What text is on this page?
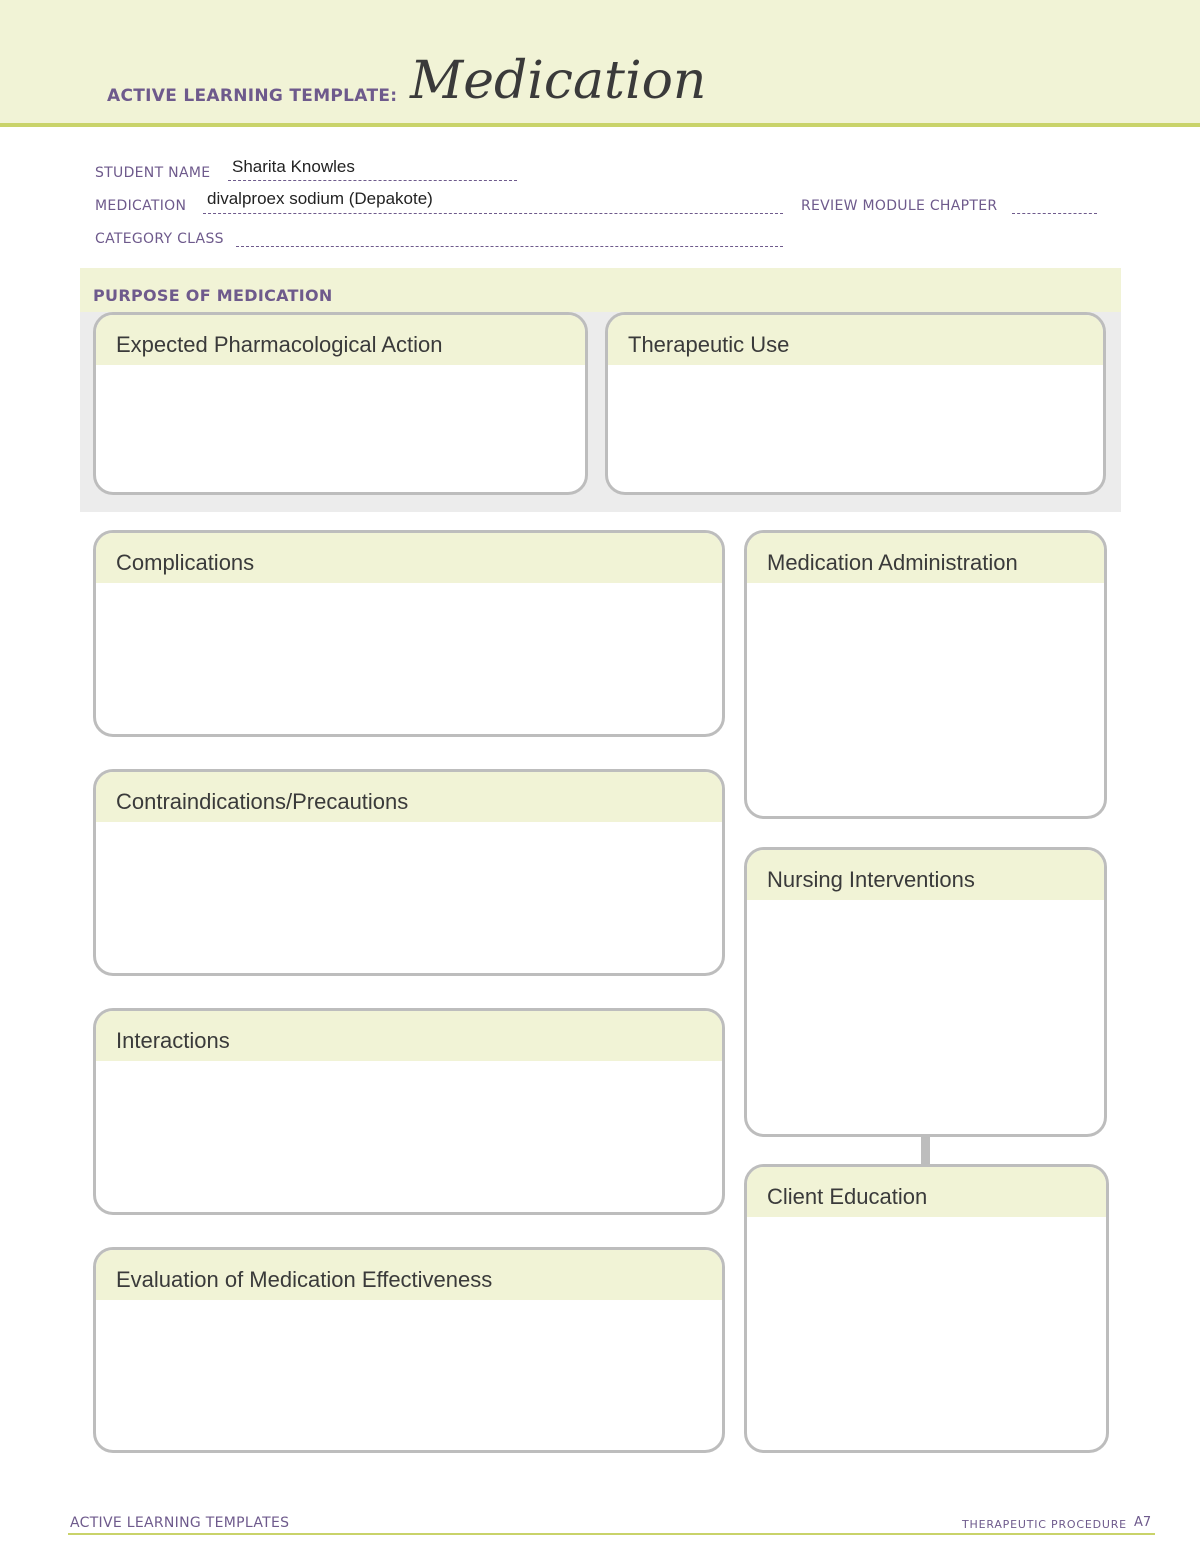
ACTIVE LEARNING TEMPLATE: Medication
STUDENT NAME Sharita Knowles
MEDICATION divalproex sodium (Depakote)	REVIEW MODULE CHAPTER
CATEGORY CLASS
PURPOSE OF MEDICATION
Expected Pharmacological Action	Therapeutic Use
Complications
Contraindications/Precautions
Interactions
Evaluation of Medication Effectiveness
Medication Administration
Nursing Interventions
Client Education
ACTIVE LEARNING TEMPLATES	THERAPEUTIC PROCEDURE A7
